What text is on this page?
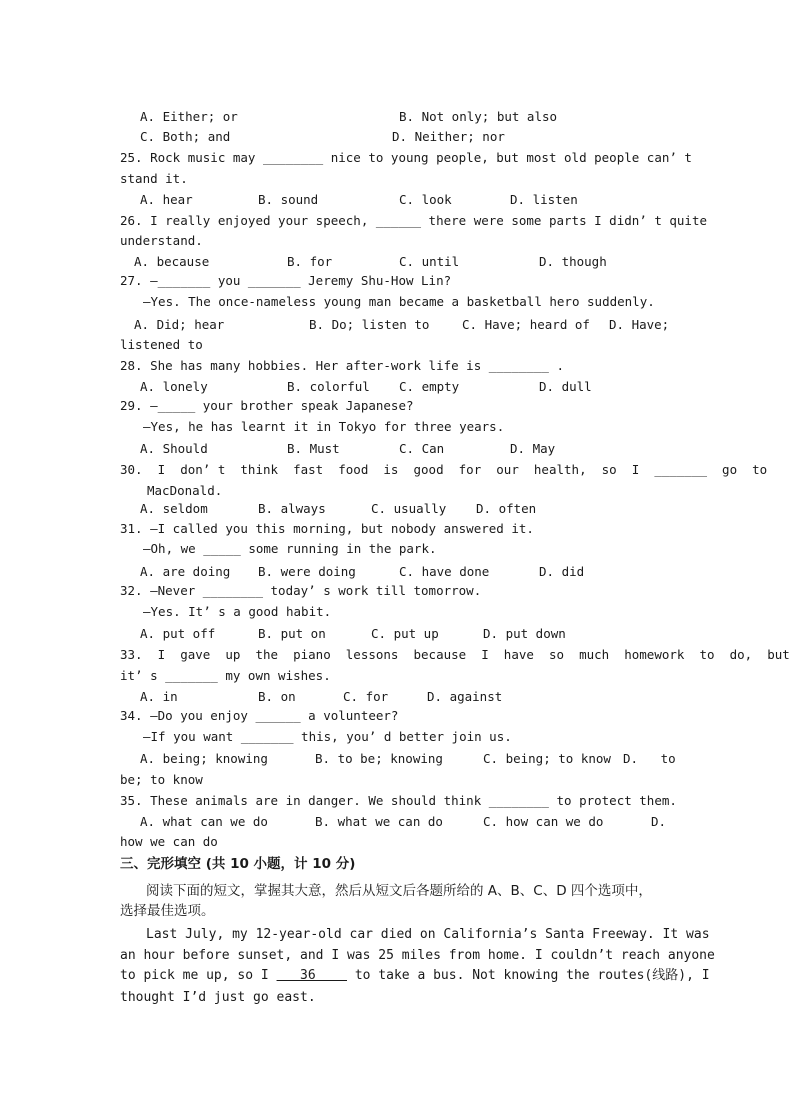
A. Either; or

	B. Not only; but also

C. Both; and

	D. Neither; nor

25. Rock music may ________ nice to young people, but most old people can’ t
stand it.

A. hear

	B. sound

	C. look

	D. listen

26. I really enjoyed your speech, ______ there were some parts I didn’ t quite
understand.

A. because

	B. for

	C. until

	D. though

27. —_______ you _______ Jeremy Shu-How Lin?
—Yes. The once-nameless young man became a basketball hero suddenly.

A. Did; hear

	B. Do; listen to

	C. Have; heard of

D. Have;

listened to
28. She has many hobbies. Her after-work life is ________ .

A. lonely

	B. colorful

C. empty

	D. dull

29. —_____ your brother speak Japanese?
—Yes, he has learnt it in Tokyo for three years.

A. Should

	B. Must

	C. Can

	D. May

30.  I  don’ t  think  fast  food  is  good  for  our  health,  so  I  _______  go  to
MacDonald.

A. seldom

	B. always

	C. usually

D. often

31. —I called you this morning, but nobody answered it.
—Oh, we _____ some running in the park.

A. are doing

B. were doing

	C. have done

	D. did

32. —Never ________ today’ s work till tomorrow.
—Yes. It’ s a good habit.

A. put off

	B. put on

	C. put up

	D. put down

33.  I  gave  up  the  piano  lessons  because  I  have  so  much  homework  to  do,  but
it’ s _______ my own wishes.

A. in

	B. on

	C. for

	D. against

34. —Do you enjoy ______ a volunteer?
—If you want _______ this, you’ d better join us.

A. being; knowing

	B. to be; knowing

	C. being; to know

D.   to

be; to know
35. These animals are in danger. We should think ________ to protect them.

A. what can we do

	B. what we can do

	C. how can we do

	D.

how we can do
三、完形填空 (共 10 小题，计 10 分)
阅读下面的短文，掌握其大意，然后从短文后各题所给的 A、B、C、D 四个选项中，
选择最佳选项。
Last July, my 12-year-old car died on California’s Santa Freeway. It was
an hour before sunset, and I was 25 miles from home. I couldn’t reach anyone
to pick me up, so I    36     to take a bus. Not knowing the routes(线路), I
thought I’d just go east.
